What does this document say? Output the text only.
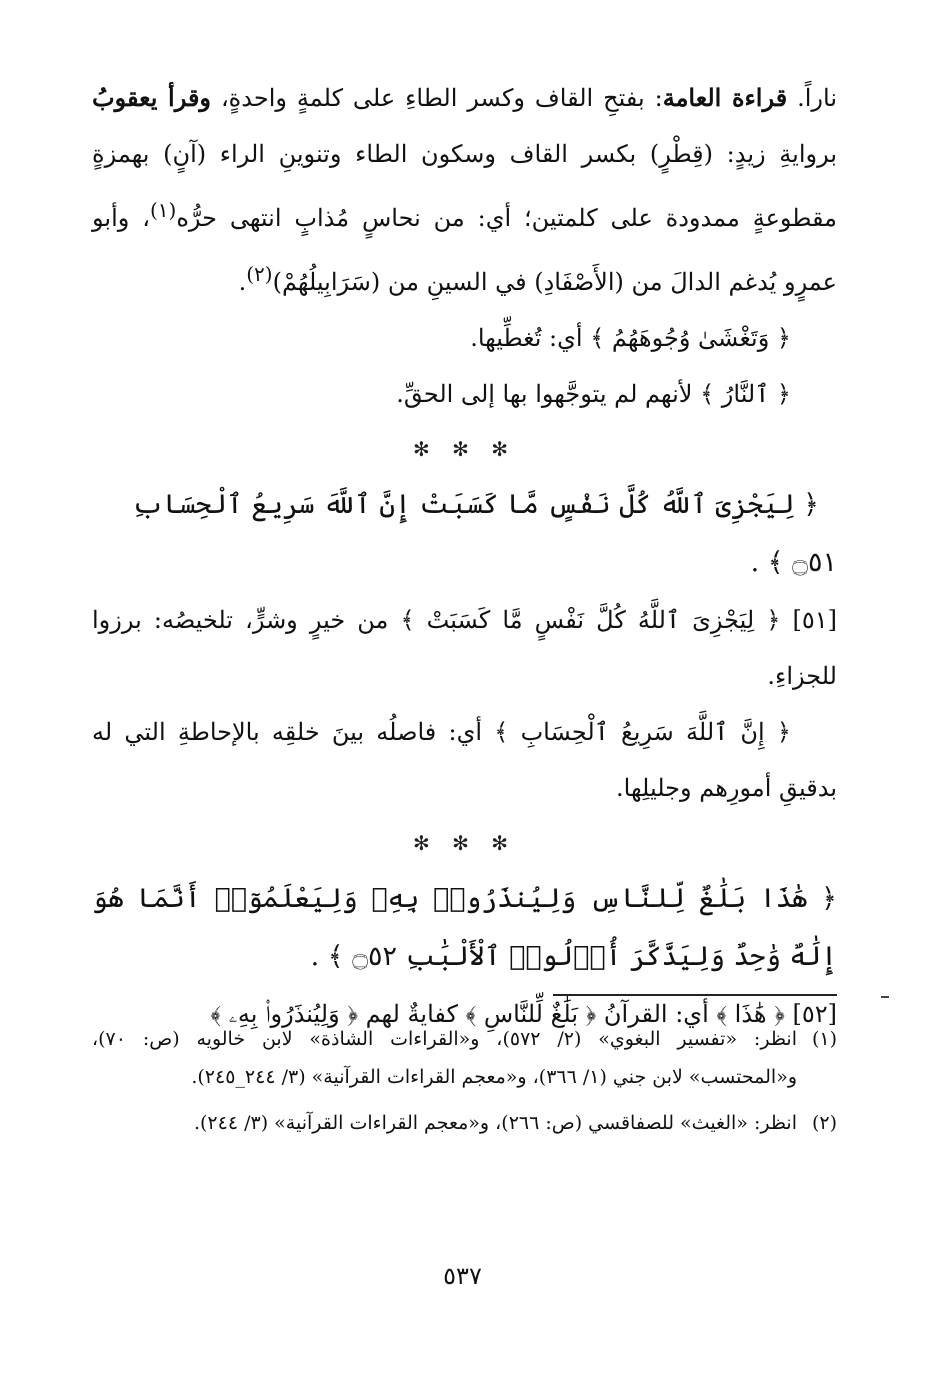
ناراً. قراءة العامة: بفتحِ القاف وكسر الطاءِ على كلمةٍ واحدةٍ، وقرأ يعقوبُ بروايةِ زيدٍ: (قِطْرٍ) بكسر القاف وسكون الطاء وتنوينِ الراء (آنٍ) بهمزةٍ مقطوعةٍ ممدودة على كلمتين؛ أي: من نحاسٍ مُذابٍ انتهى حرُّه$^{(١)}$، وأبو عمرٍو يُدغم الدالَ من (الأَصْفَادِ) في السينِ من (سَرَابِيلُهُمْ)$^{(٢)}$.

﴿ وَتَغْشَىٰ وُجُوهَهُمُ ﴾ أي: تُغطِّيها.

﴿ ٱلنَّارُ ﴾ لأنهم لم يتوجَّهوا بها إلى الحقِّ.

✻ ✻ ✻

﴿ لِيَجْزِىَ ٱللَّهُ كُلَّ نَفْسٍ مَّا كَسَبَتْ إِنَّ ٱللَّهَ سَرِيعُ ٱلْحِسَابِ ۝٥١ ﴾ .

[٥١] ﴿ لِيَجْزِىَ ٱللَّهُ كُلَّ نَفْسٍ مَّا كَسَبَتْ ﴾ من خيرٍ وشرٍّ، تلخيصُه: برزوا للجزاءِ.

﴿ إِنَّ ٱللَّهَ سَرِيعُ ٱلْحِسَابِ ﴾ أي: فاصلُه بينَ خلقِه بالإحاطةِ التي له بدقيقِ أمورِهم وجليلِها.

✻ ✻ ✻

﴿ هَٰذَا بَلَٰغٌ لِّلنَّاسِ وَلِيُنذَرُوا۟ بِهِۦ وَلِيَعْلَمُوٓا۟ أَنَّمَا هُوَ إِلَٰهٌ وَٰحِدٌ وَلِيَذَّكَّرَ أُو۟لُوا۟ ٱلْأَلْبَٰبِ ۝٥٢ ﴾ .

[٥٢] ﴿ هَٰذَا ﴾ أي: القرآنُ ﴿ بَلَٰغٌ لِّلنَّاسِ ﴾ كفايةٌ لهم ﴿ وَلِيُنذَرُوا۟ بِهِۦ ﴾

(١)
انظر: «تفسير البغوي» (٢/ ٥٧٢)، و«القراءات الشاذة» لابن خالويه (ص: ٧٠)، و«المحتسب» لابن جني (١/ ٣٦٦)، و«معجم القراءات القرآنية» (٣/ ٢٤٤_٢٤٥).

(٢)
انظر: «الغيث» للصفاقسي (ص: ٢٦٦)، و«معجم القراءات القرآنية» (٣/ ٢٤٤).

٥٣٧
